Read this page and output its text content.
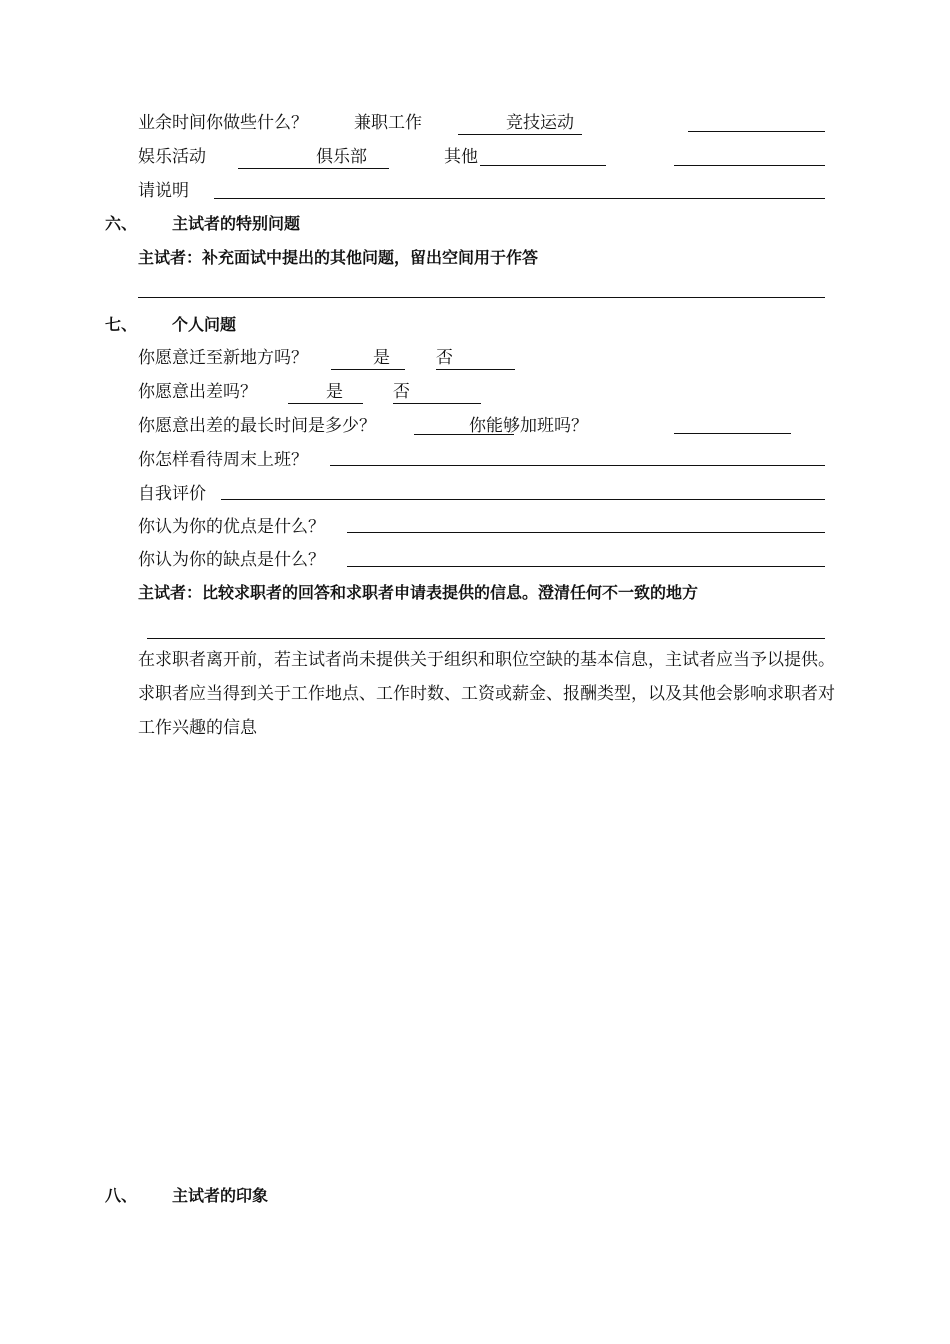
业余时间你做些什么？	兼职工作	竞技运动
娱乐活动	俱乐部	其他
请说明
六、 主试者的特别问题
主试者：补充面试中提出的其他问题，留出空间用于作答
七、 个人问题
你愿意迁至新地方吗？	是	否
你愿意出差吗？	是	否
你愿意出差的最长时间是多少？	你能够加班吗？
你怎样看待周末上班？
自我评价
你认为你的优点是什么？
你认为你的缺点是什么？
主试者：比较求职者的回答和求职者申请表提供的信息。澄清任何不一致的地方
在求职者离开前，若主试者尚未提供关于组织和职位空缺的基本信息，主试者应当予以提供。求职者应当得到关于工作地点、工作时数、工资或薪金、报酬类型，以及其他会影响求职者对工作兴趣的信息
八、 主试者的印象
